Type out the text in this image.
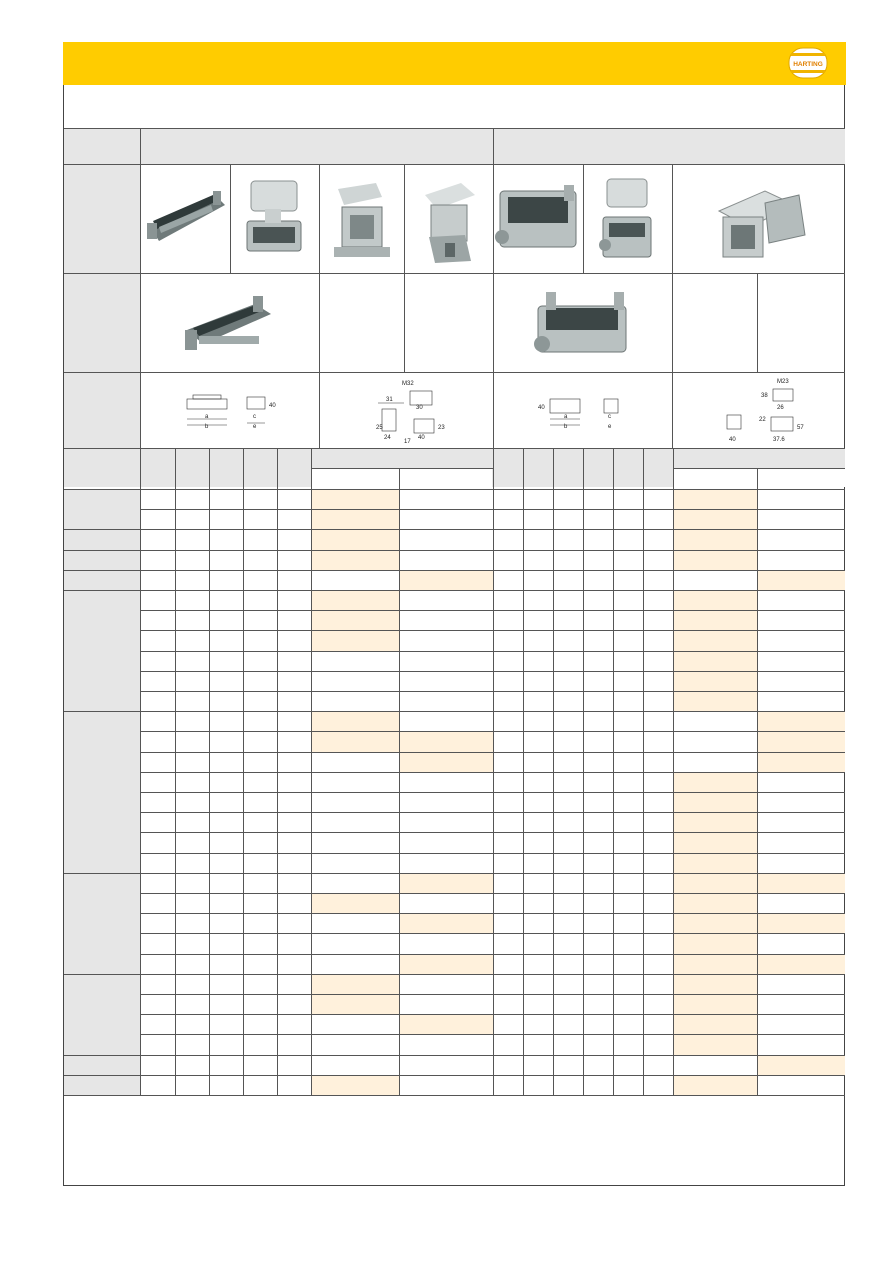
HARTING
a
b
c
e
40
M32
31
30
25
24
17
40
23
a
b
c
e
40
M23
38
26
22
40	37.6
57
